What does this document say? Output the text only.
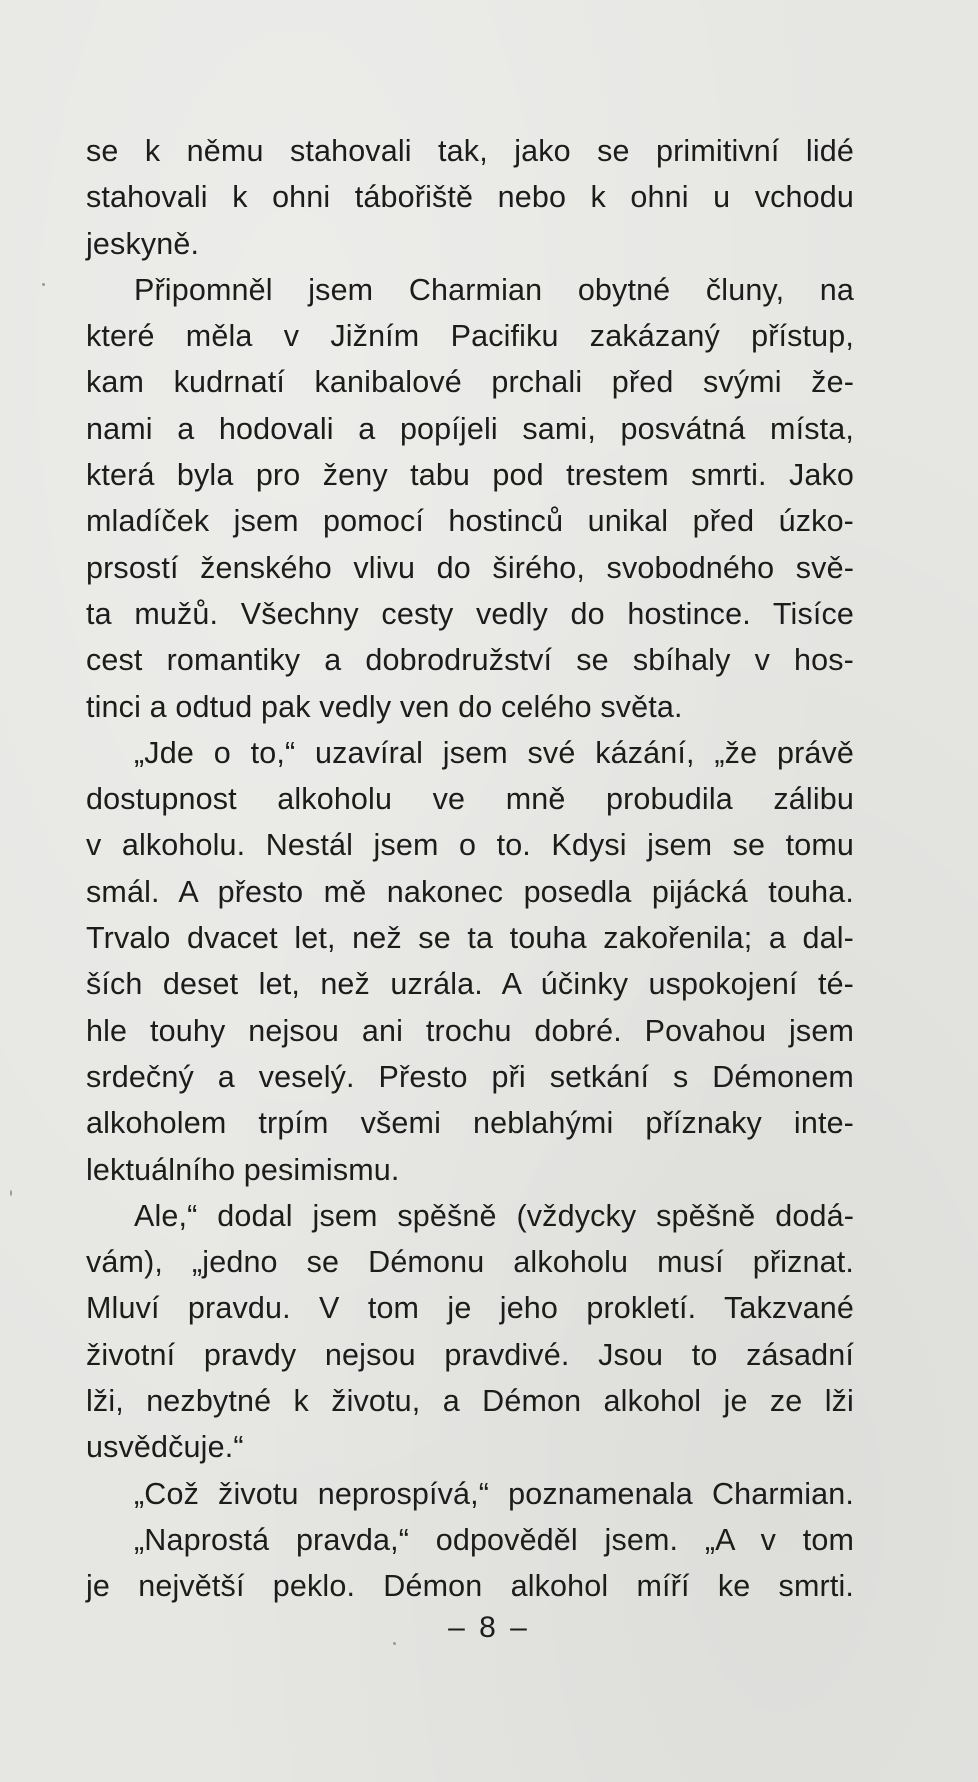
se k němu stahovali tak, jako se primitivní lidé
stahovali k ohni tábořiště nebo k ohni u vchodu
jeskyně.
Připomněl jsem Charmian obytné čluny, na
které měla v Jižním Pacifiku zakázaný přístup,
kam kudrnatí kanibalové prchali před svými že-
nami a hodovali a popíjeli sami, posvátná místa,
která byla pro ženy tabu pod trestem smrti. Jako
mladíček jsem pomocí hostinců unikal před úzko-
prsostí ženského vlivu do širého, svobodného svě-
ta mužů. Všechny cesty vedly do hostince. Tisíce
cest romantiky a dobrodružství se sbíhaly v hos-
tinci a odtud pak vedly ven do celého světa.
„Jde o to,“ uzavíral jsem své kázání, „že právě
dostupnost alkoholu ve mně probudila zálibu
v alkoholu. Nestál jsem o to. Kdysi jsem se tomu
smál. A přesto mě nakonec posedla pijácká touha.
Trvalo dvacet let, než se ta touha zakořenila; a dal-
ších deset let, než uzrála. A účinky uspokojení té-
hle touhy nejsou ani trochu dobré. Povahou jsem
srdečný a veselý. Přesto při setkání s Démonem
alkoholem trpím všemi neblahými příznaky inte-
lektuálního pesimismu.
Ale,“ dodal jsem spěšně (vždycky spěšně dodá-
vám), „jedno se Démonu alkoholu musí přiznat.
Mluví pravdu. V tom je jeho prokletí. Takzvané
životní pravdy nejsou pravdivé. Jsou to zásadní
lži, nezbytné k životu, a Démon alkohol je ze lži
usvědčuje.“
„Což životu neprospívá,“ poznamenala Charmian.
„Naprostá pravda,“ odpověděl jsem. „A v tom
je největší peklo. Démon alkohol míří ke smrti.
– 8 –
